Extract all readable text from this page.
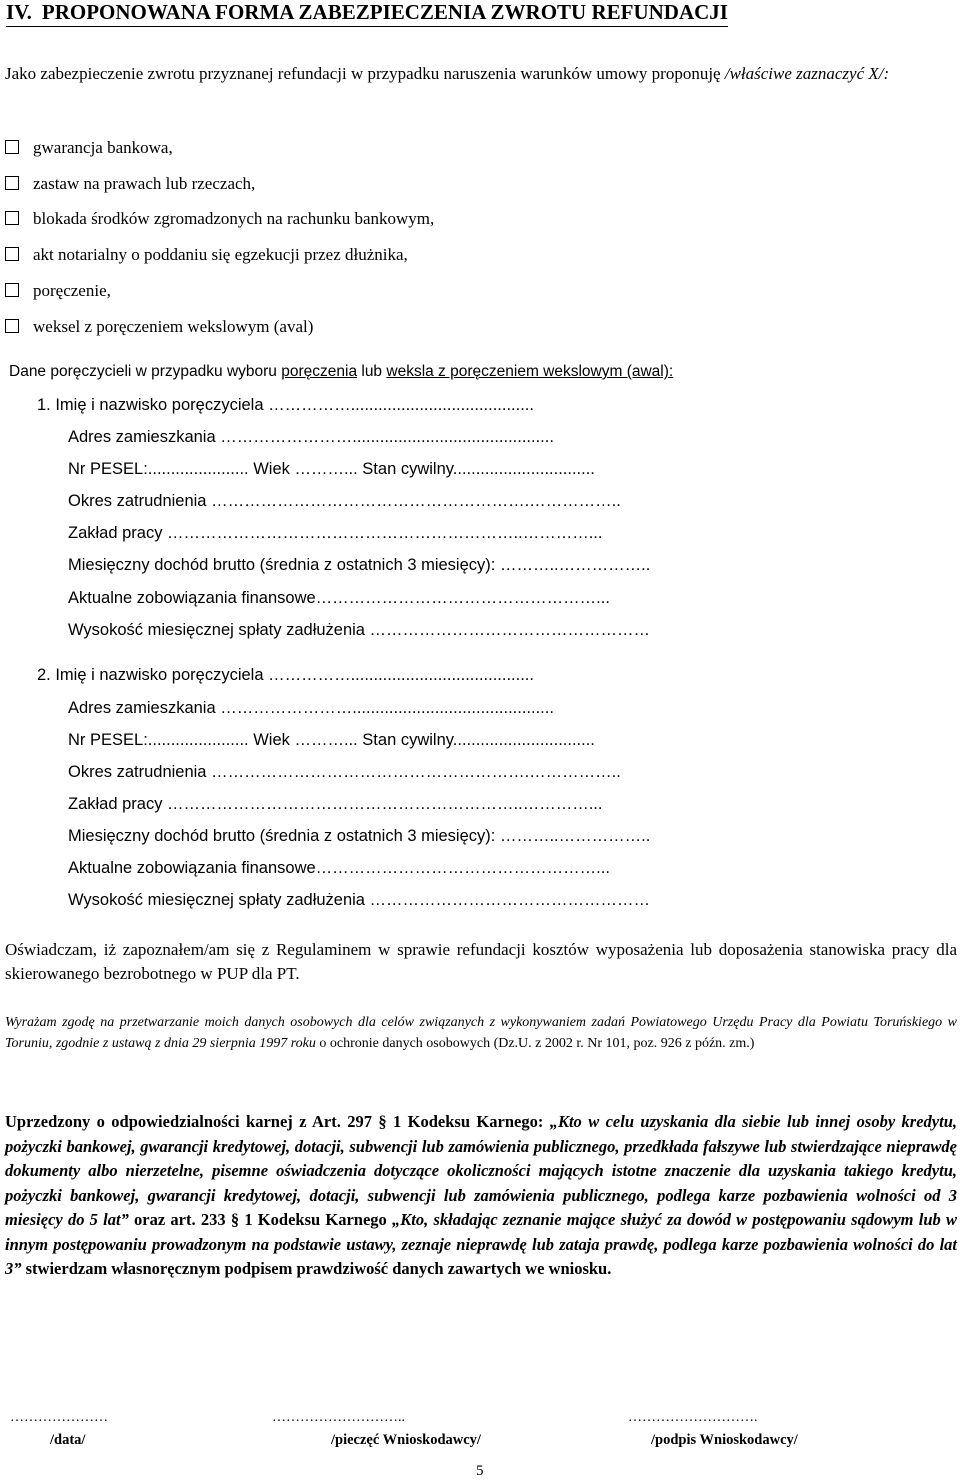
IV. PROPONOWANA FORMA ZABEZPIECZENIA ZWROTU REFUNDACJI
Jako zabezpieczenie zwrotu przyznanej refundacji w przypadku naruszenia warunków umowy proponuję /właściwe zaznaczyć X/:
gwarancja bankowa,
zastaw na prawach lub rzeczach,
blokada środków zgromadzonych na rachunku bankowym,
akt notarialny o poddaniu się egzekucji przez dłużnika,
poręczenie,
weksel z poręczeniem wekslowym (aval)
Dane poręczycieli w przypadku wyboru poręczenia lub weksla z poręczeniem wekslowym (awal):
1. Imię i nazwisko poręczyciela ……………........................................
Adres zamieszkania ……………………............................................
Nr PESEL:...................... Wiek ………... Stan cywilny...............................
Okres zatrudnienia ………………………………………………….……………..
Zakład pracy ………………………………………………………..…………...
Miesięczny dochód brutto (średnia z ostatnich 3 miesięcy): ………..……………..
Aktualne zobowiązania finansowe……………………………………………...
Wysokość miesięcznej spłaty zadłużenia ……………………………………………
2. Imię i nazwisko poręczyciela ……………........................................
Adres zamieszkania ……………………............................................
Nr PESEL:...................... Wiek ………... Stan cywilny...............................
Okres zatrudnienia ………………………………………………….……………..
Zakład pracy ………………………………………………………..…………...
Miesięczny dochód brutto (średnia z ostatnich 3 miesięcy): ………..……………..
Aktualne zobowiązania finansowe……………………………………………...
Wysokość miesięcznej spłaty zadłużenia ……………………………………………
Oświadczam, iż zapoznałem/am się z Regulaminem w sprawie refundacji kosztów wyposażenia lub doposażenia stanowiska pracy dla skierowanego bezrobotnego w PUP dla PT.
Wyrażam zgodę na przetwarzanie moich danych osobowych dla celów związanych z wykonywaniem zadań Powiatowego Urzędu Pracy dla Powiatu Toruńskiego w Toruniu, zgodnie z ustawą z dnia 29 sierpnia 1997 roku o ochronie danych osobowych (Dz.U. z 2002 r. Nr 101, poz. 926 z późn. zm.)
Uprzedzony o odpowiedzialności karnej z Art. 297 § 1 Kodeksu Karnego: „Kto w celu uzyskania dla siebie lub innej osoby kredytu, pożyczki bankowej, gwarancji kredytowej, dotacji, subwencji lub zamówienia publicznego, przedkłada fałszywe lub stwierdzające nieprawdę dokumenty albo nierzetelne, pisemne oświadczenia dotyczące okoliczności mających istotne znaczenie dla uzyskania takiego kredytu, pożyczki bankowej, gwarancji kredytowej, dotacji, subwencji lub zamówienia publicznego, podlega karze pozbawienia wolności od 3 miesięcy do 5 lat” oraz art. 233 § 1 Kodeksu Karnego „Kto, składając zeznanie mające służyć za dowód w postępowaniu sądowym lub w innym postępowaniu prowadzonym na podstawie ustawy, zeznaje nieprawdę lub zataja prawdę, podlega karze pozbawienia wolności do lat 3” stwierdzam własnoręcznym podpisem prawdziwość danych zawartych we wniosku.
…………………	………………………..	……………………….
/data/	/pieczęć Wnioskodawcy/	/podpis Wnioskodawcy/
5
